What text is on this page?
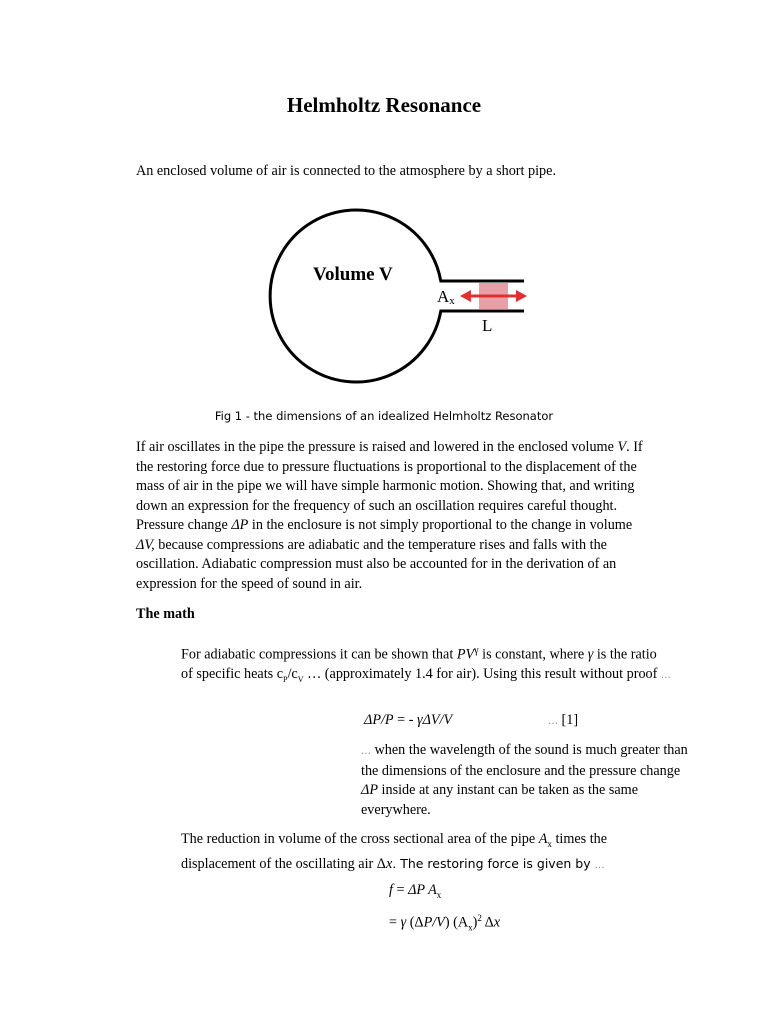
Helmholtz Resonance

An enclosed volume of air is connected to the atmosphere by a short pipe.

Volume V
Ax
L
Fig 1 - the dimensions of an idealized Helmholtz Resonator

If air oscillates in the pipe the pressure is raised and lowered in the enclosed volume V. If the restoring force due to pressure fluctuations is proportional to the displacement of the mass of air in the pipe we will have simple harmonic motion. Showing that, and writing down an expression for the frequency of such an oscillation requires careful thought. Pressure change ΔP in the enclosure is not simply proportional to the change in volume ΔV, because compressions are adiabatic and the temperature rises and falls with the oscillation. Adiabatic compression must also be accounted for in the derivation of an expression for the speed of sound in air.

The math

For adiabatic compressions it can be shown that $PV^\gamma$ is constant, where γ is the ratio of specific heats $c_P/c_V$ … (approximately 1.4 for air). Using this result without proof …

ΔP/P = - γΔV/V	… [1]

… when the wavelength of the sound is much greater than the dimensions of the enclosure and the pressure change ΔP inside at any instant can be taken as the same everywhere.

The reduction in volume of the cross sectional area of the pipe $A_x$ times the displacement of the oscillating air Δx. The restoring force is given by …

f = ΔP $A_x$
= γ (ΔP/V) $(A_x)^2$ Δx
